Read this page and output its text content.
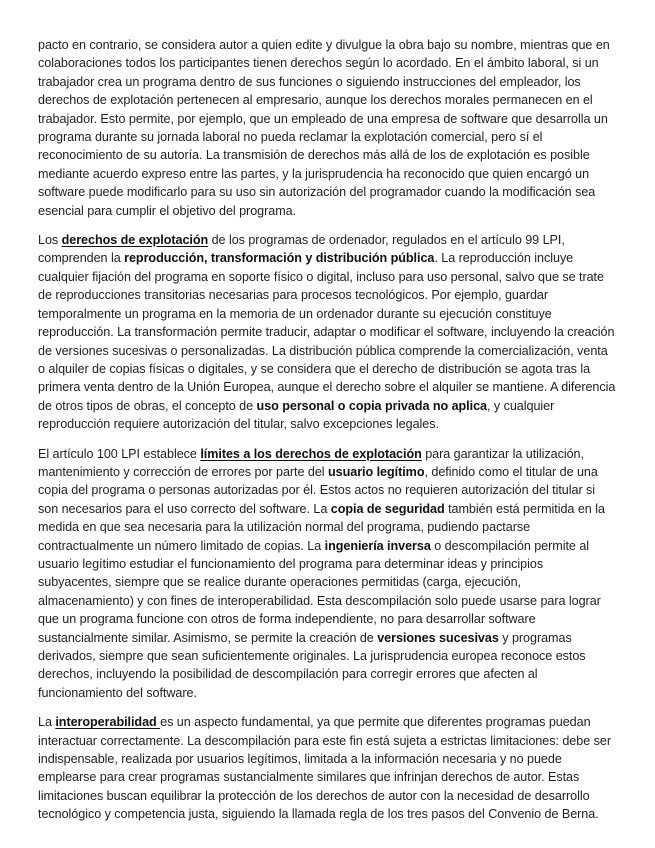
pacto en contrario, se considera autor a quien edite y divulgue la obra bajo su nombre, mientras que en colaboraciones todos los participantes tienen derechos según lo acordado. En el ámbito laboral, si un trabajador crea un programa dentro de sus funciones o siguiendo instrucciones del empleador, los derechos de explotación pertenecen al empresario, aunque los derechos morales permanecen en el trabajador. Esto permite, por ejemplo, que un empleado de una empresa de software que desarrolla un programa durante su jornada laboral no pueda reclamar la explotación comercial, pero sí el reconocimiento de su autoría. La transmisión de derechos más allá de los de explotación es posible mediante acuerdo expreso entre las partes, y la jurisprudencia ha reconocido que quien encargó un software puede modificarlo para su uso sin autorización del programador cuando la modificación sea esencial para cumplir el objetivo del programa.

Los derechos de explotación de los programas de ordenador, regulados en el artículo 99 LPI, comprenden la reproducción, transformación y distribución pública. La reproducción incluye cualquier fijación del programa en soporte físico o digital, incluso para uso personal, salvo que se trate de reproducciones transitorias necesarias para procesos tecnológicos. Por ejemplo, guardar temporalmente un programa en la memoria de un ordenador durante su ejecución constituye reproducción. La transformación permite traducir, adaptar o modificar el software, incluyendo la creación de versiones sucesivas o personalizadas. La distribución pública comprende la comercialización, venta o alquiler de copias físicas o digitales, y se considera que el derecho de distribución se agota tras la primera venta dentro de la Unión Europea, aunque el derecho sobre el alquiler se mantiene. A diferencia de otros tipos de obras, el concepto de uso personal o copia privada no aplica, y cualquier reproducción requiere autorización del titular, salvo excepciones legales.

El artículo 100 LPI establece límites a los derechos de explotación para garantizar la utilización, mantenimiento y corrección de errores por parte del usuario legítimo, definido como el titular de una copia del programa o personas autorizadas por él. Estos actos no requieren autorización del titular si son necesarios para el uso correcto del software. La copia de seguridad también está permitida en la medida en que sea necesaria para la utilización normal del programa, pudiendo pactarse contractualmente un número limitado de copias. La ingeniería inversa o descompilación permite al usuario legítimo estudiar el funcionamiento del programa para determinar ideas y principios subyacentes, siempre que se realice durante operaciones permitidas (carga, ejecución, almacenamiento) y con fines de interoperabilidad. Esta descompilación solo puede usarse para lograr que un programa funcione con otros de forma independiente, no para desarrollar software sustancialmente similar. Asimismo, se permite la creación de versiones sucesivas y programas derivados, siempre que sean suficientemente originales. La jurisprudencia europea reconoce estos derechos, incluyendo la posibilidad de descompilación para corregir errores que afecten al funcionamiento del software.

La interoperabilidad es un aspecto fundamental, ya que permite que diferentes programas puedan interactuar correctamente. La descompilación para este fin está sujeta a estrictas limitaciones: debe ser indispensable, realizada por usuarios legítimos, limitada a la información necesaria y no puede emplearse para crear programas sustancialmente similares que infrinjan derechos de autor. Estas limitaciones buscan equilibrar la protección de los derechos de autor con la necesidad de desarrollo tecnológico y competencia justa, siguiendo la llamada regla de los tres pasos del Convenio de Berna.
